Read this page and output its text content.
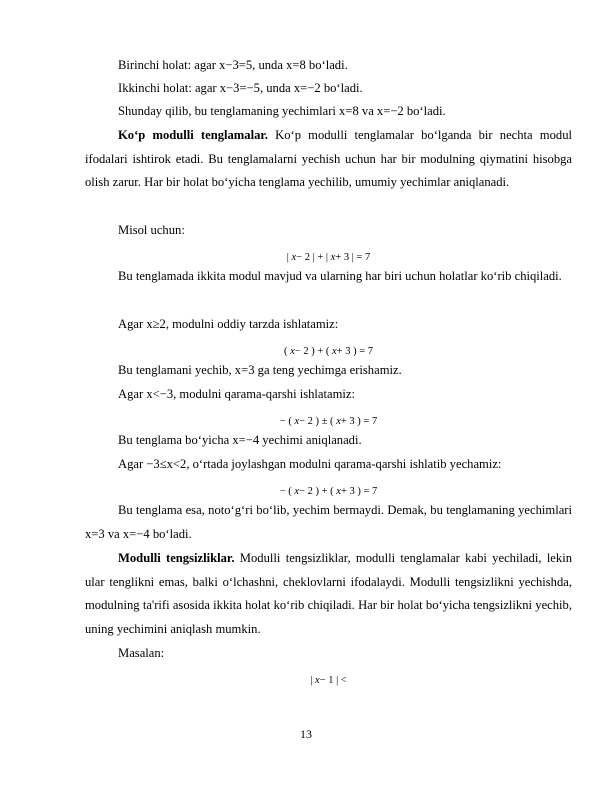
Birinchi holat: agar x−3=5, unda x=8 bo‘ladi.

Ikkinchi holat: agar x−3=−5, unda x=−2 bo‘ladi.

Shunday qilib, bu tenglamaning yechimlari x=8 va x=−2 bo‘ladi.

Ko‘p modulli tenglamalar. Ko‘p modulli tenglamalar bo‘lganda bir nechta modul ifodalari ishtirok etadi. Bu tenglamalarni yechish uchun har bir modulning qiymatini hisobga olish zarur. Har bir holat bo‘yicha tenglama yechilib, umumiy yechimlar aniqlanadi.

Misol uchun:

| x− 2 | + | x+ 3 | = 7

Bu tenglamada ikkita modul mavjud va ularning har biri uchun holatlar ko‘rib chiqiladi.

Agar x≥2, modulni oddiy tarzda ishlatamiz:

( x− 2 ) + ( x+ 3 ) = 7

Bu tenglamani yechib, x=3 ga teng yechimga erishamiz.

Agar x<−3, modulni qarama-qarshi ishlatamiz:

− ( x− 2 ) ± ( x+ 3 ) = 7

Bu tenglama bo‘yicha x=−4 yechimi aniqlanadi.

Agar −3≤x<2, o‘rtada joylashgan modulni qarama-qarshi ishlatib yechamiz:

− ( x− 2 ) + ( x+ 3 ) = 7

Bu tenglama esa, noto‘g‘ri bo‘lib, yechim bermaydi. Demak, bu tenglamaning yechimlari x=3 va x=−4 bo‘ladi.

Modulli tengsizliklar. Modulli tengsizliklar, modulli tenglamalar kabi yechiladi, lekin ular tenglikni emas, balki o‘lchashni, cheklovlarni ifodalaydi. Modulli tengsizlikni yechishda, modulning ta'rifi asosida ikkita holat ko‘rib chiqiladi. Har bir holat bo‘yicha tengsizlikni yechib, uning yechimini aniqlash mumkin.

Masalan:

| x− 1 | <
13
